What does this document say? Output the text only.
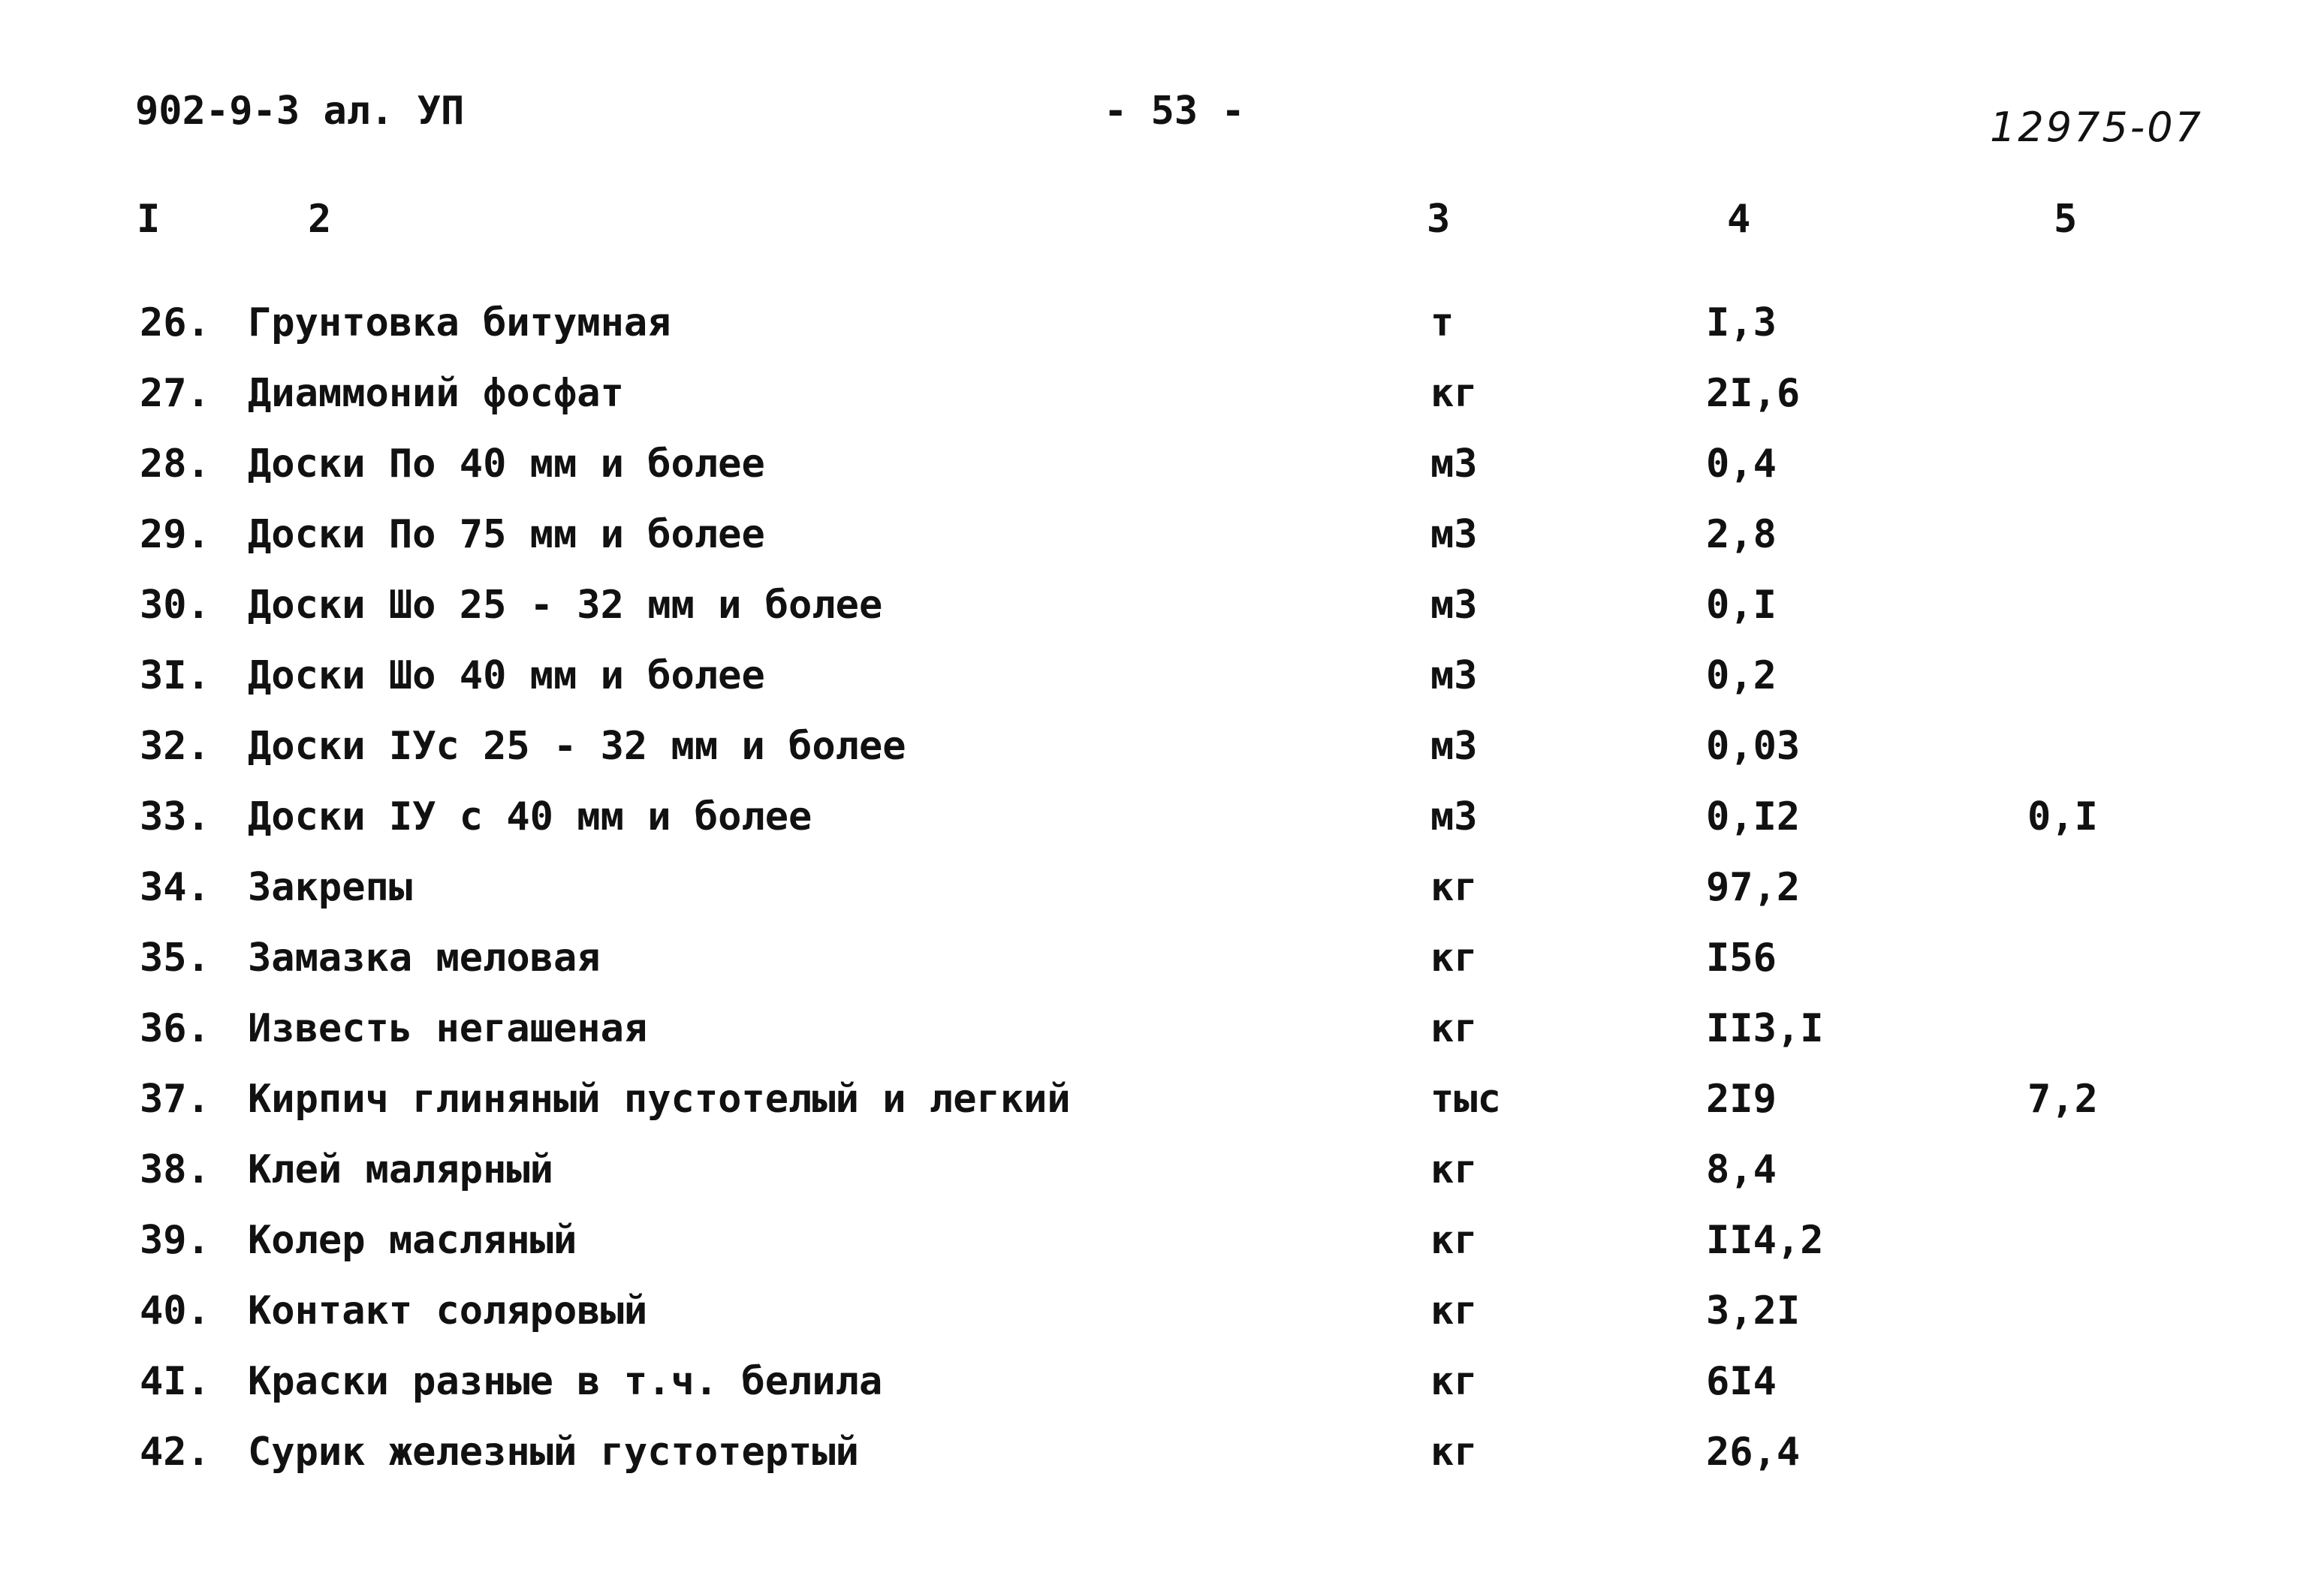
902-9-3 ал. УП	- 53 -	12975-07
I	2	3	4	5
26. Грунтовка битумная	т	I,3
27. Диаммоний фосфат	кг	2I,6
28. Доски По 40 мм и более	м3	0,4
29. Доски По 75 мм и более	м3	2,8
30. Доски Шо 25 - 32 мм и более	м3	0,I
3I. Доски Шо 40 мм и более	м3	0,2
32. Доски IУс 25 - 32 мм и более	м3	0,03
33. Доски IУ с 40 мм и более	м3	0,I2	0,I
34. Закрепы	кг	97,2
35. Замазка меловая	кг	I56
36. Известь негашеная	кг	II3,I
37. Кирпич глиняный пустотелый и легкий	тыс	2I9	7,2
38. Клей малярный	кг	8,4
39. Колер масляный	кг	II4,2
40. Контакт соляровый	кг	3,2I
4I. Краски разные в т.ч. белила	кг	6I4
42. Сурик железный густотертый	кг	26,4
